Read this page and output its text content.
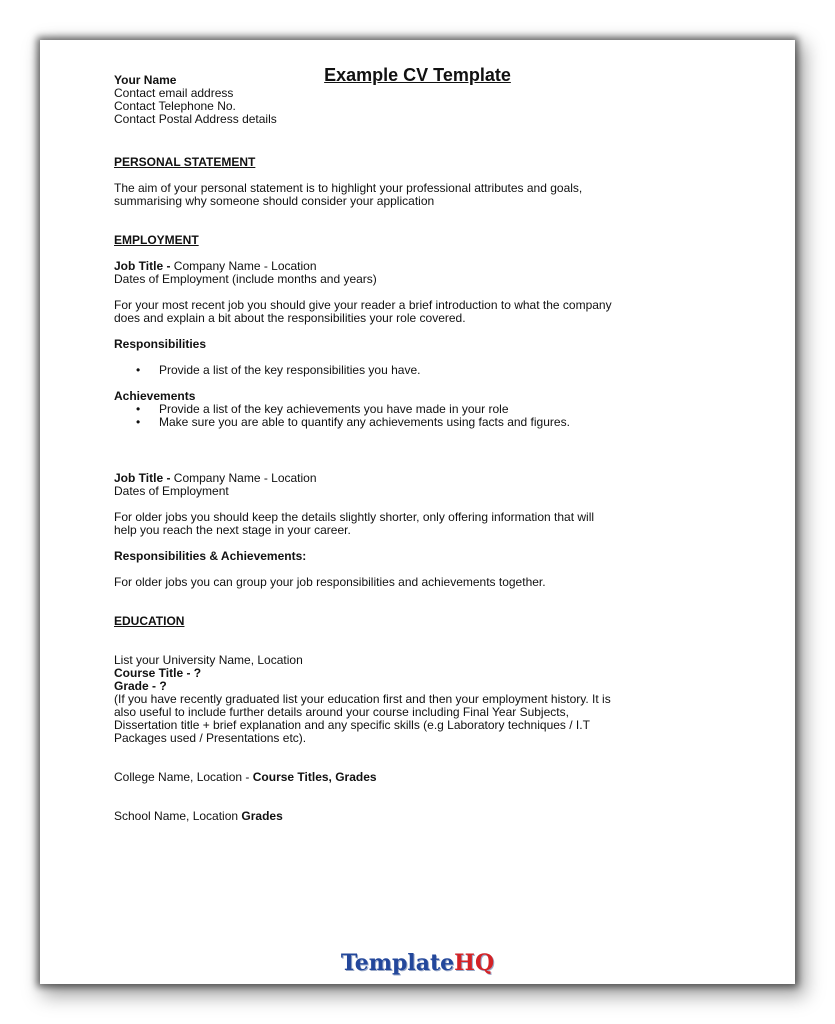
Example CV Template

Your Name

Contact email address

Contact Telephone No.

Contact Postal Address details

PERSONAL STATEMENT

The aim of your personal statement is to highlight your professional attributes and goals,

summarising why someone should consider your application

EMPLOYMENT

Job Title - Company Name - Location

Dates of Employment (include months and years)

For your most recent job you should give your reader a brief introduction to what the company

does and explain a bit about the responsibilities your role covered.

Responsibilities

• Provide a list of the key responsibilities you have.

Achievements

• Provide a list of the key achievements you have made in your role

• Make sure you are able to quantify any achievements using facts and figures.

Job Title - Company Name - Location

Dates of Employment

For older jobs you should keep the details slightly shorter, only offering information that will

help you reach the next stage in your career.

Responsibilities & Achievements:

For older jobs you can group your job responsibilities and achievements together.

EDUCATION

List your University Name, Location

Course Title - ?

Grade - ?

(If you have recently graduated list your education first and then your employment history. It is

also useful to include further details around your course including Final Year Subjects,

Dissertation title + brief explanation and any specific skills (e.g Laboratory techniques / I.T

Packages used / Presentations etc).

College Name, Location - Course Titles, Grades

School Name, Location Grades

TemplateHQ
